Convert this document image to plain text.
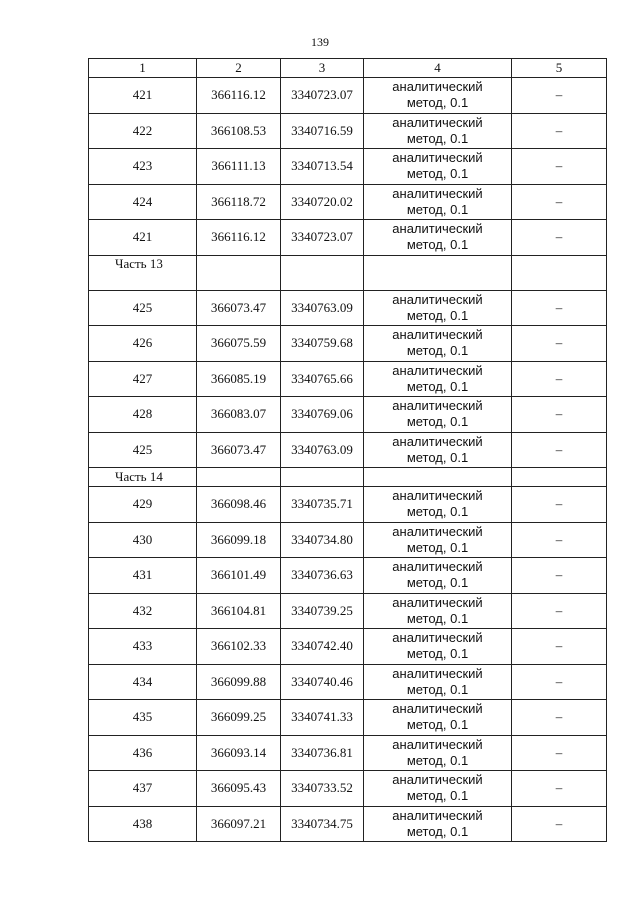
139
1	2	3	4	5
421	366116.12	3340723.07	аналитический
метод, 0.1	–
422	366108.53	3340716.59	аналитический
метод, 0.1	–
423	366111.13	3340713.54	аналитический
метод, 0.1	–
424	366118.72	3340720.02	аналитический
метод, 0.1	–
421	366116.12	3340723.07	аналитический
метод, 0.1	–
Часть 13				
425	366073.47	3340763.09	аналитический
метод, 0.1	–
426	366075.59	3340759.68	аналитический
метод, 0.1	–
427	366085.19	3340765.66	аналитический
метод, 0.1	–
428	366083.07	3340769.06	аналитический
метод, 0.1	–
425	366073.47	3340763.09	аналитический
метод, 0.1	–
Часть 14				
429	366098.46	3340735.71	аналитический
метод, 0.1	–
430	366099.18	3340734.80	аналитический
метод, 0.1	–
431	366101.49	3340736.63	аналитический
метод, 0.1	–
432	366104.81	3340739.25	аналитический
метод, 0.1	–
433	366102.33	3340742.40	аналитический
метод, 0.1	–
434	366099.88	3340740.46	аналитический
метод, 0.1	–
435	366099.25	3340741.33	аналитический
метод, 0.1	–
436	366093.14	3340736.81	аналитический
метод, 0.1	–
437	366095.43	3340733.52	аналитический
метод, 0.1	–
438	366097.21	3340734.75	аналитический
метод, 0.1	–
